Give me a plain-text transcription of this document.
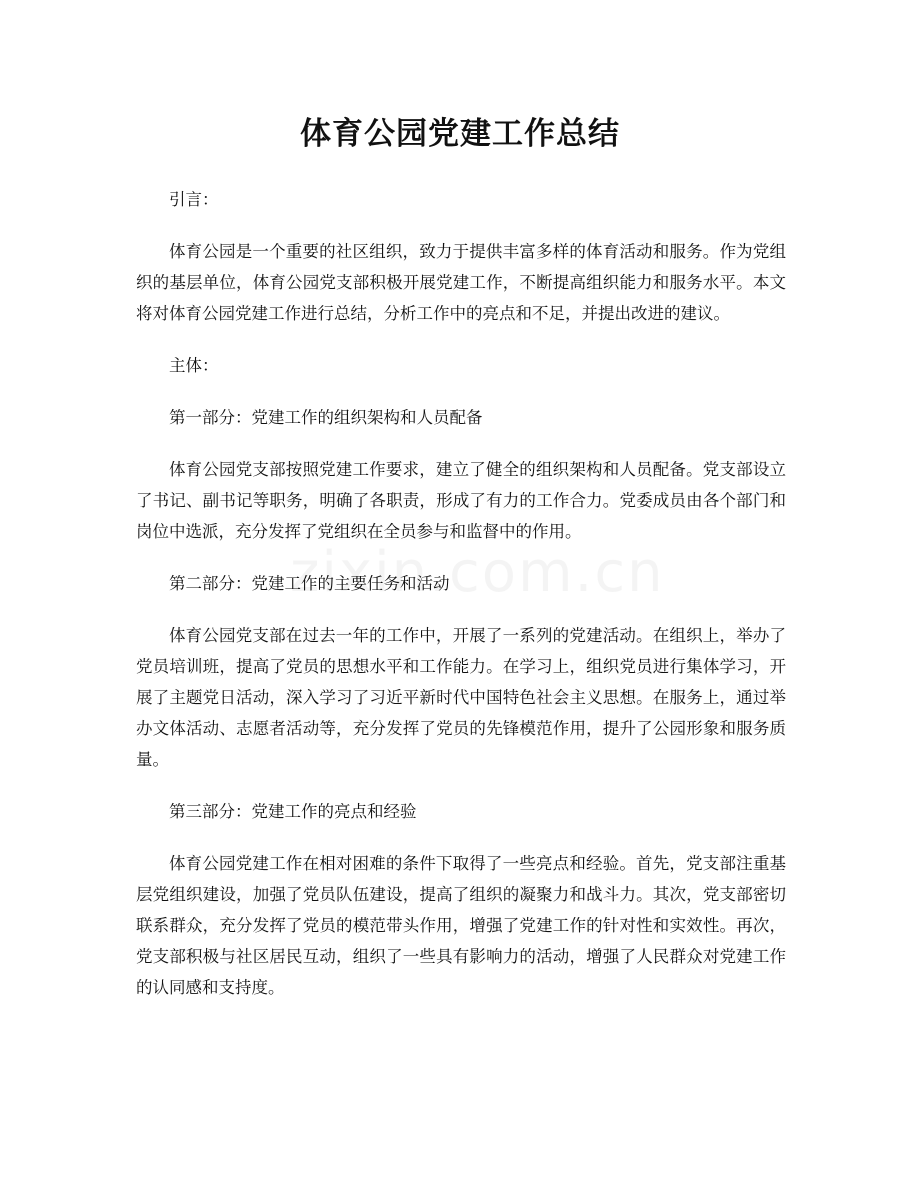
体育公园党建工作总结

引言：

体育公园是一个重要的社区组织，致力于提供丰富多样的体育活动和服务。作为党组织的基层单位，体育公园党支部积极开展党建工作，不断提高组织能力和服务水平。本文将对体育公园党建工作进行总结，分析工作中的亮点和不足，并提出改进的建议。

主体：

第一部分：党建工作的组织架构和人员配备

体育公园党支部按照党建工作要求，建立了健全的组织架构和人员配备。党支部设立了书记、副书记等职务，明确了各职责，形成了有力的工作合力。党委成员由各个部门和岗位中选派，充分发挥了党组织在全员参与和监督中的作用。

第二部分：党建工作的主要任务和活动

体育公园党支部在过去一年的工作中，开展了一系列的党建活动。在组织上，举办了党员培训班，提高了党员的思想水平和工作能力。在学习上，组织党员进行集体学习，开展了主题党日活动，深入学习了习近平新时代中国特色社会主义思想。在服务上，通过举办文体活动、志愿者活动等，充分发挥了党员的先锋模范作用，提升了公园形象和服务质量。

第三部分：党建工作的亮点和经验

体育公园党建工作在相对困难的条件下取得了一些亮点和经验。首先，党支部注重基层党组织建设，加强了党员队伍建设，提高了组织的凝聚力和战斗力。其次，党支部密切联系群众，充分发挥了党员的模范带头作用，增强了党建工作的针对性和实效性。再次，党支部积极与社区居民互动，组织了一些具有影响力的活动，增强了人民群众对党建工作的认同感和支持度。
